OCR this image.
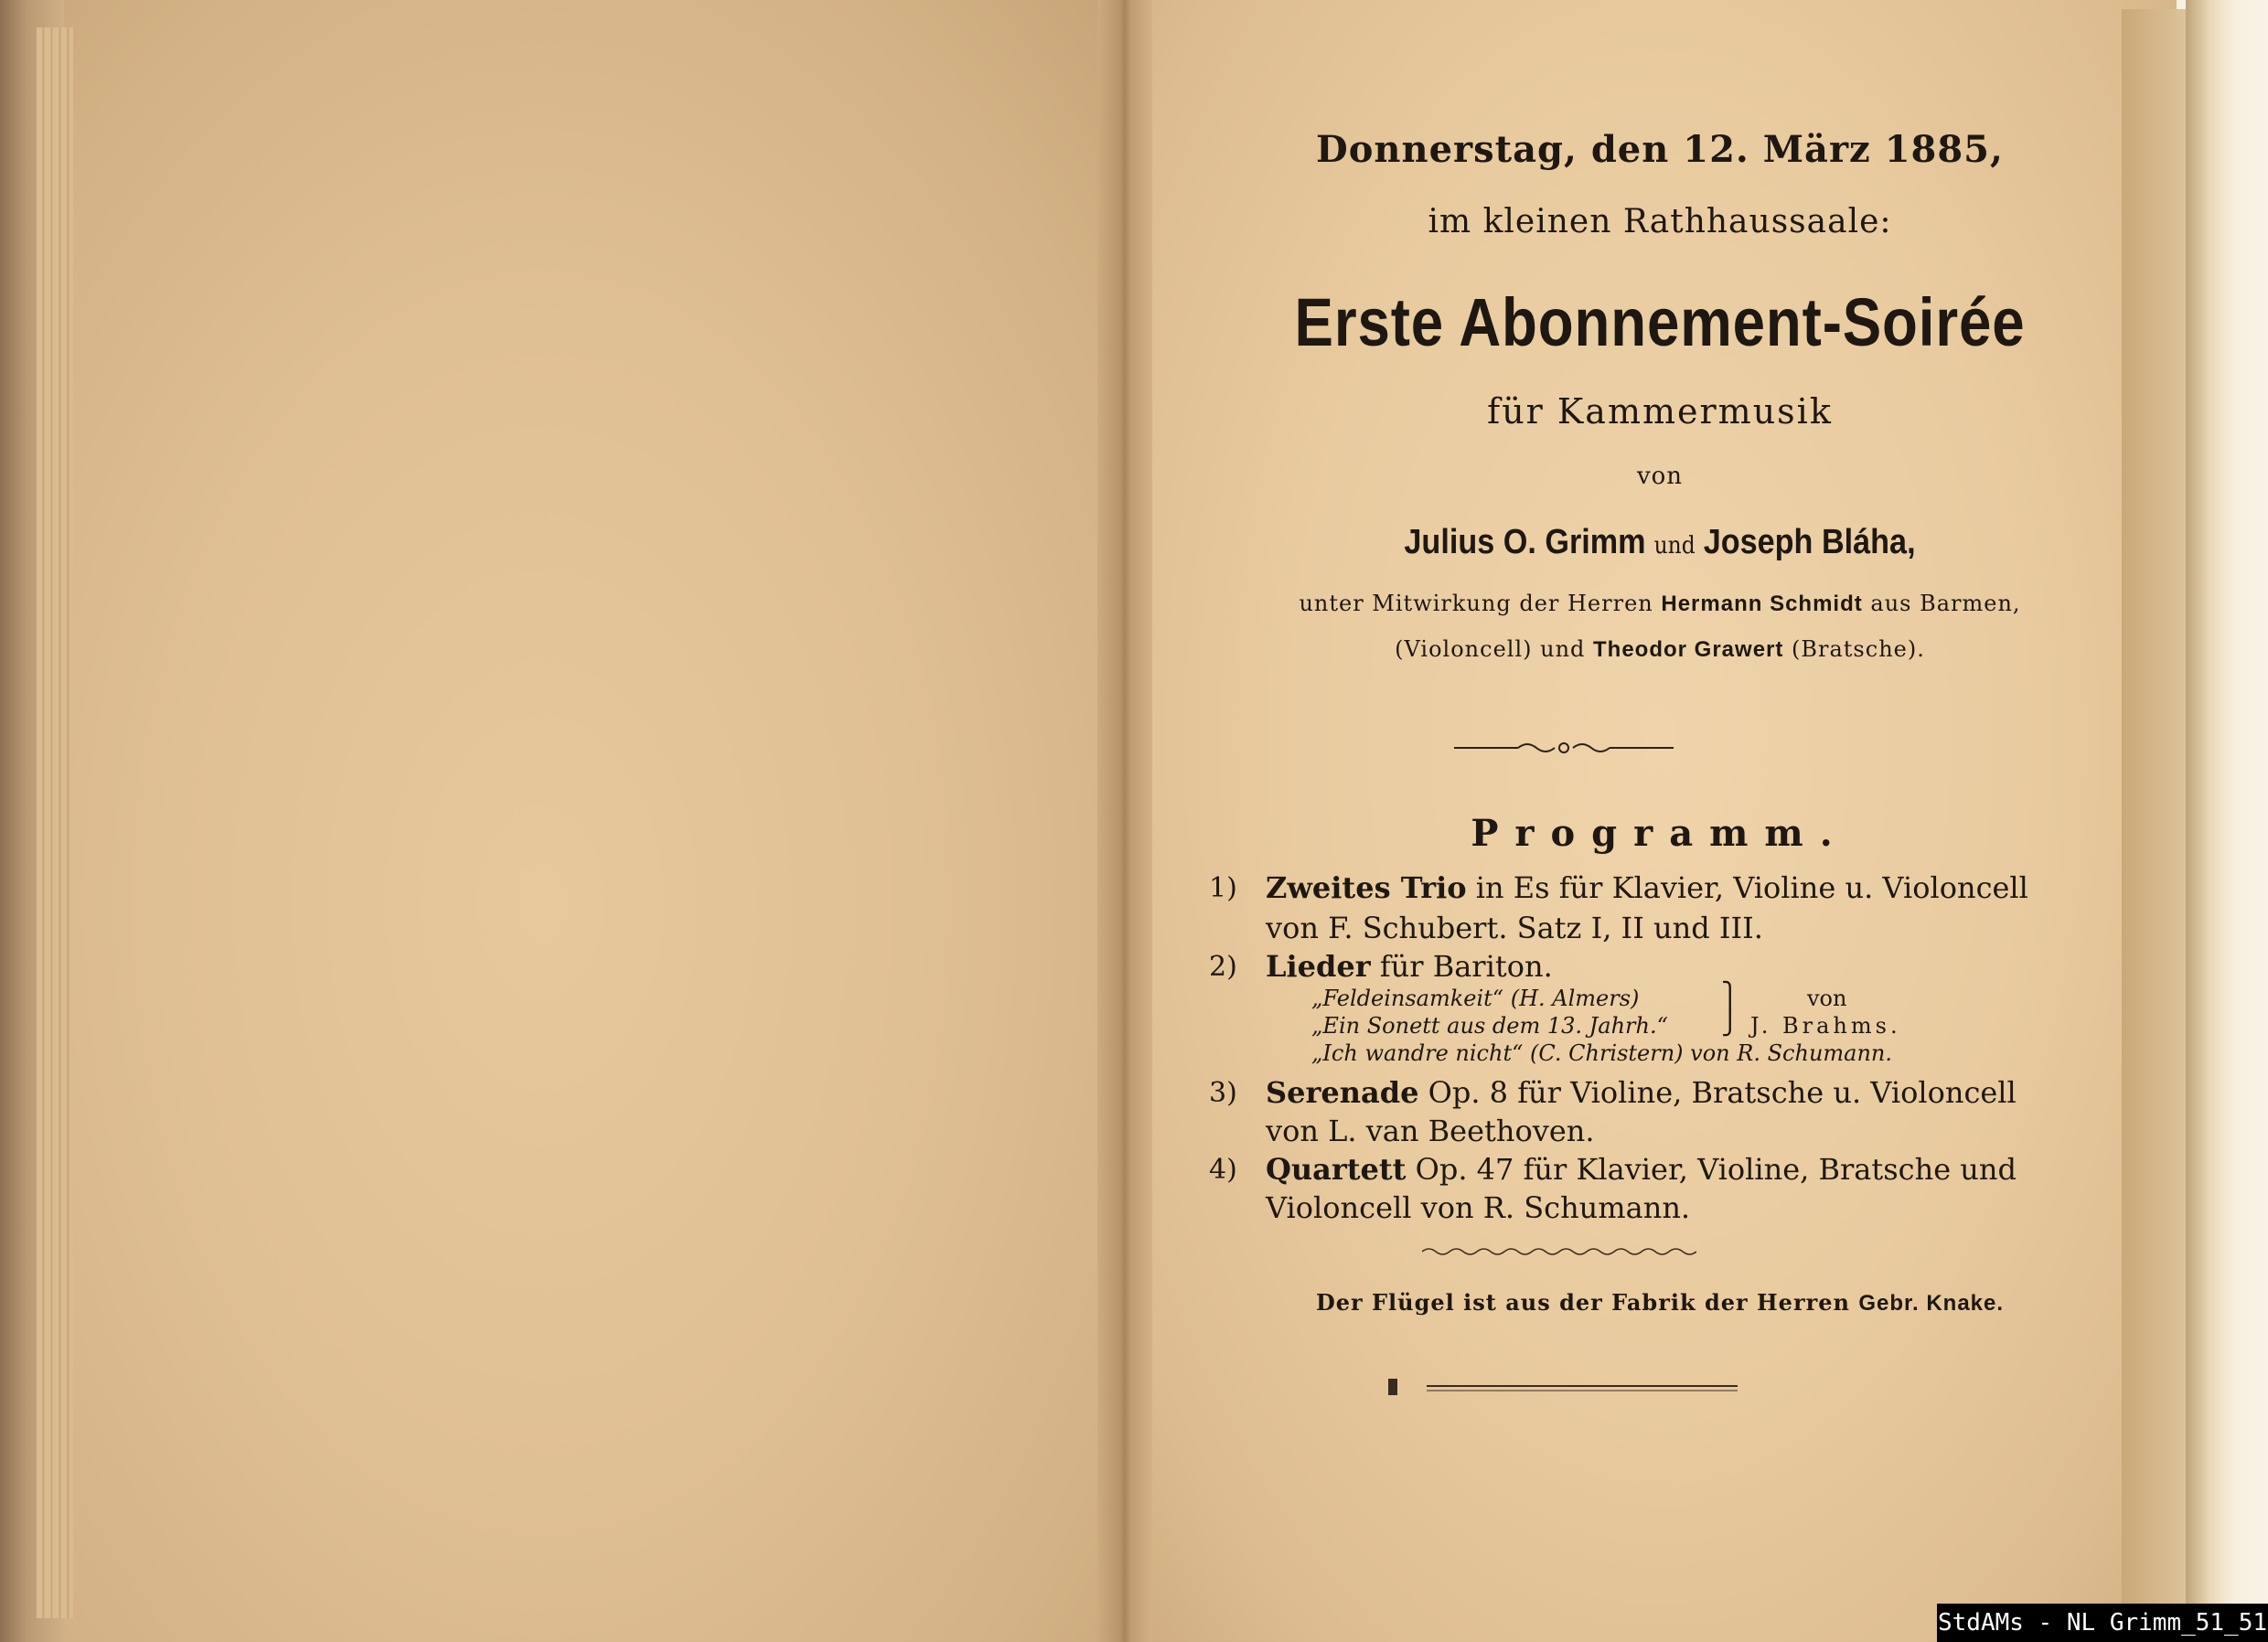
Donnerstag, den 12. März 1885,
im kleinen Rathhaussaale:
Erste Abonnement-Soirée
für Kammermusik
von
Julius O. Grimm und Joseph Bláha,
unter Mitwirkung der Herren Hermann Schmidt aus Barmen,
(Violoncell) und Theodor Grawert (Bratsche).
Programm.
1) Zweites Trio in Es für Klavier, Violine u. Violoncell
von F. Schubert. Satz I, II und III.
2) Lieder für Bariton.
„Feldeinsamkeit“ (H. Almers)
„Ein Sonett aus dem 13. Jahrh.“
„Ich wandre nicht“ (C. Christern) von R. Schumann.
⎫
⎭
von
J. Brahms.
3) Serenade Op. 8 für Violine, Bratsche u. Violoncell
von L. van Beethoven.
4) Quartett Op. 47 für Klavier, Violine, Bratsche und
Violoncell von R. Schumann.
Der Flügel ist aus der Fabrik der Herren Gebr. Knake.
StdAMs - NL Grimm_51_51
